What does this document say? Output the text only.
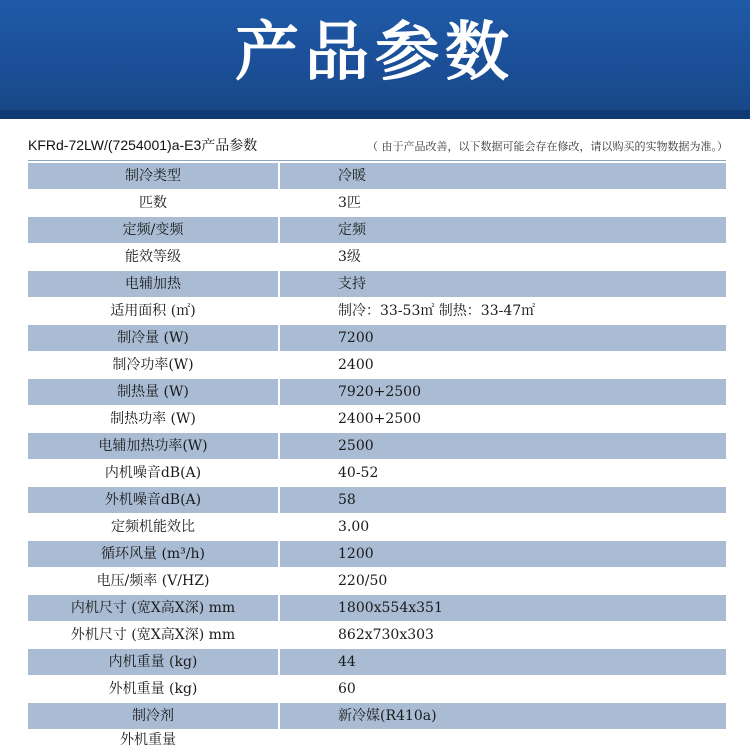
产品参数
KFRd-72LW/(7254001)a-E3产品参数	（ 由于产品改善，以下数据可能会存在修改，请以购买的实物数据为准。）
制冷类型	冷暖
匹数	3匹
定频/变频	定频
能效等级	3级
电辅加热	支持
适用面积 (㎡)	制冷：33-53㎡ 制热：33-47㎡
制冷量 (W)	7200
制冷功率(W)	2400
制热量 (W)	7920+2500
制热功率 (W)	2400+2500
电辅加热功率(W)	2500
内机噪音dB(A)	40-52
外机噪音dB(A)	58
定频机能效比	3.00
循环风量 (m³/h)	1200
电压/频率 (V/HZ)	220/50
内机尺寸 (宽X高X深) mm	1800x554x351
外机尺寸 (宽X高X深) mm	862x730x303
内机重量 (kg)	44
外机重量 (kg)	60
制冷剂	新冷媒(R410a)
外机重量
